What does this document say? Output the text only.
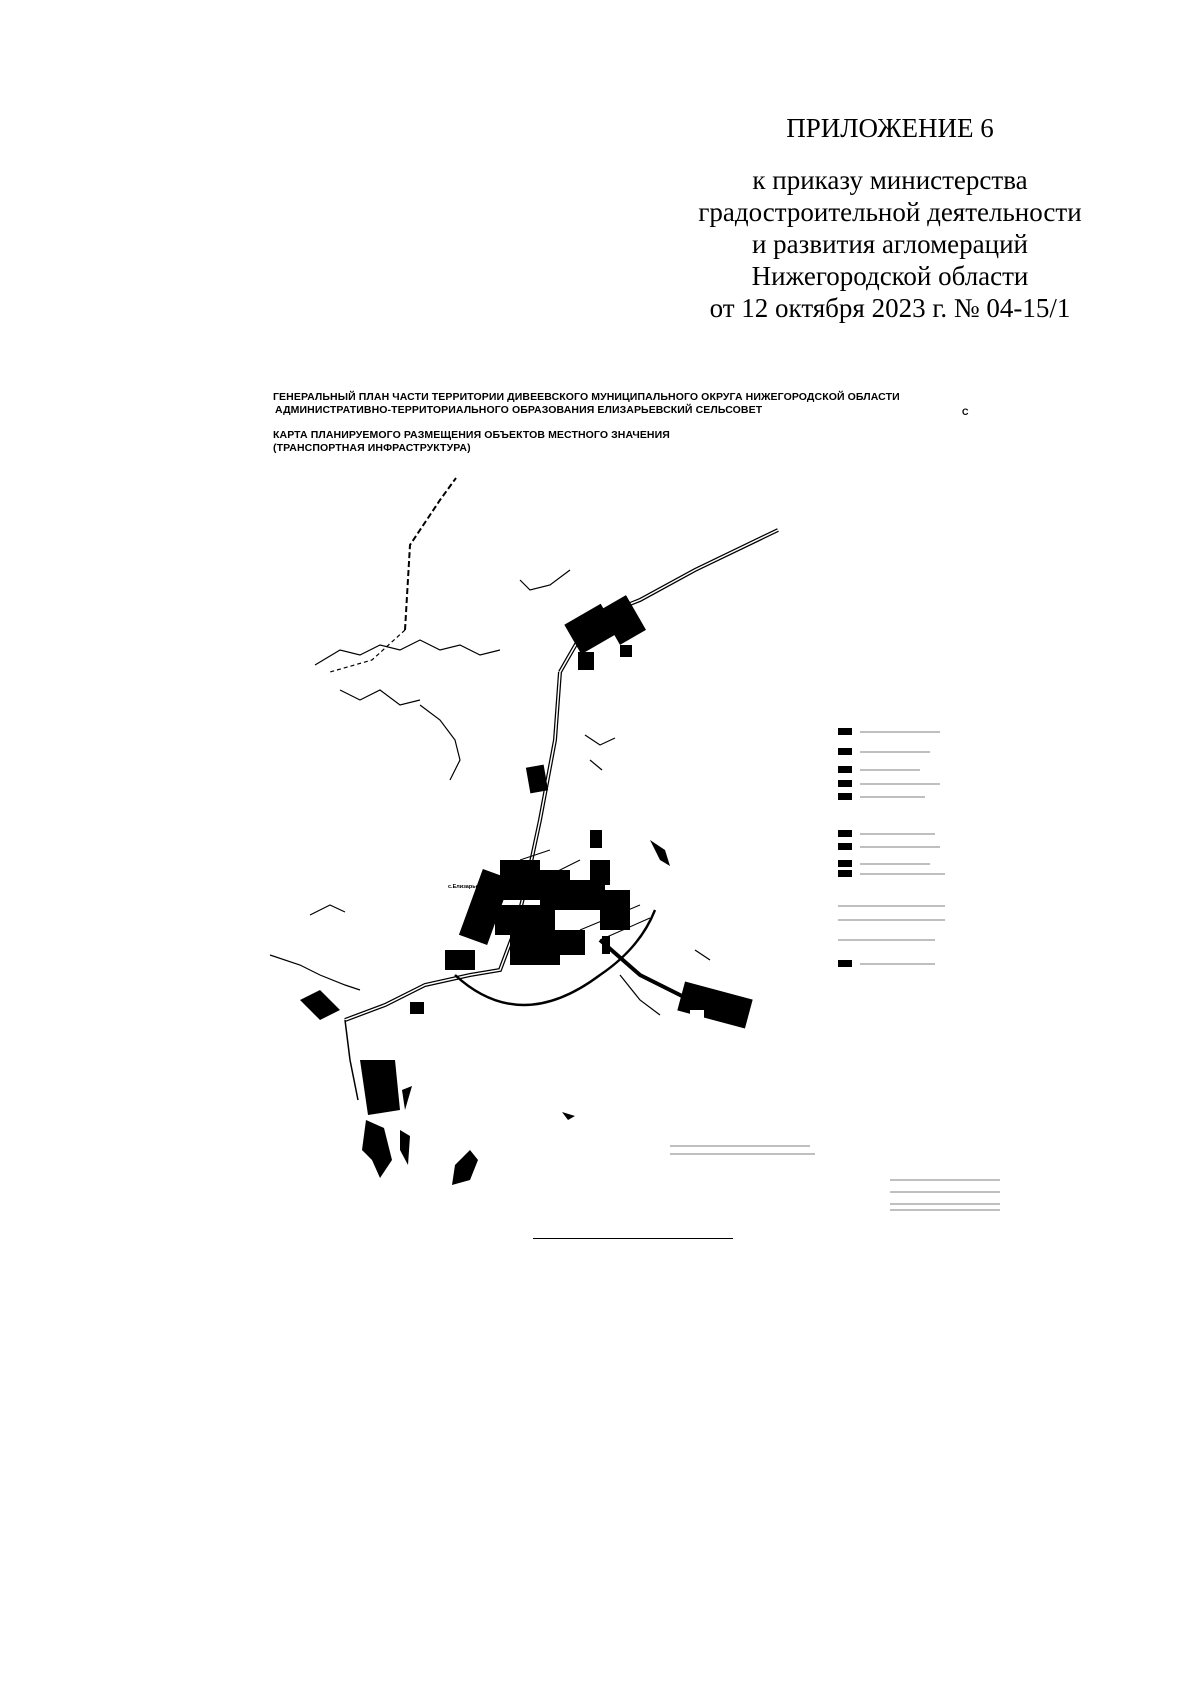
ПРИЛОЖЕНИЕ 6
к приказу министерства
градостроительной деятельности
и развития агломераций
Нижегородской области
от 12 октября 2023 г. № 04-15/1
ГЕНЕРАЛЬНЫЙ ПЛАН ЧАСТИ ТЕРРИТОРИИ ДИВЕЕВСКОГО МУНИЦИПАЛЬНОГО ОКРУГА НИЖЕГОРОДСКОЙ ОБЛАСТИ
АДМИНИСТРАТИВНО-ТЕРРИТОРИАЛЬНОГО ОБРАЗОВАНИЯ ЕЛИЗАРЬЕВСКИЙ СЕЛЬСОВЕТ	С
КАРТА ПЛАНИРУЕМОГО РАЗМЕЩЕНИЯ ОБЪЕКТОВ МЕСТНОГО ЗНАЧЕНИЯ
(ТРАНСПОРТНАЯ ИНФРАСТРУКТУРА)
с.Елизарьево
